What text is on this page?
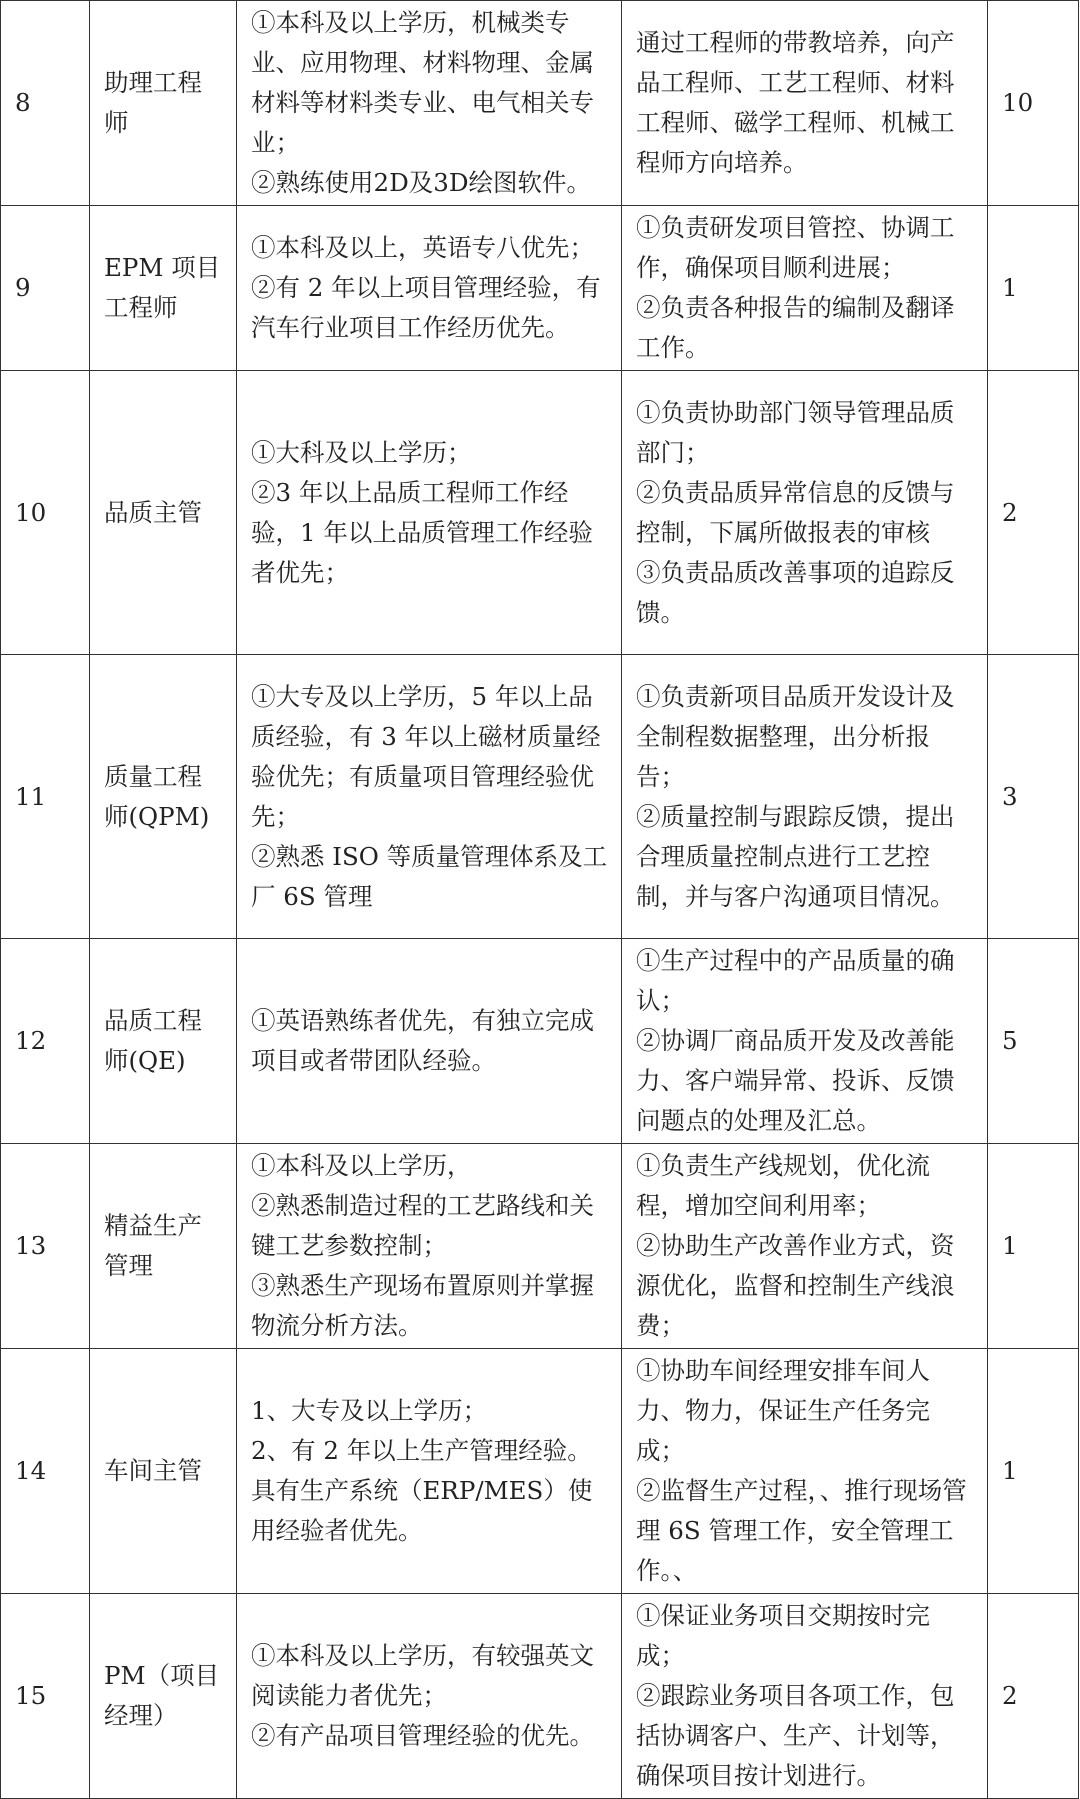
8	助理工程师	①本科及以上学历，机械类专业、应用物理、材料物理、金属材料等材料类专业、电气相关专业；
②熟练使用2D及3D绘图软件。	通过工程师的带教培养，向产品工程师、工艺工程师、材料工程师、磁学工程师、机械工程师方向培养。	10
9	EPM 项目工程师	①本科及以上，英语专八优先；
②有 2 年以上项目管理经验，有汽车行业项目工作经历优先。	①负责研发项目管控、协调工作，确保项目顺利进展；
②负责各种报告的编制及翻译工作。	1
10	品质主管	①大科及以上学历；
②3 年以上品质工程师工作经验，1 年以上品质管理工作经验者优先；	①负责协助部门领导管理品质部门；
②负责品质异常信息的反馈与控制，下属所做报表的审核
③负责品质改善事项的追踪反馈。	2
11	质量工程师(QPM)	①大专及以上学历，5 年以上品质经验，有 3 年以上磁材质量经验优先；有质量项目管理经验优先；
②熟悉 ISO 等质量管理体系及工厂 6S 管理	①负责新项目品质开发设计及全制程数据整理，出分析报告；
②质量控制与跟踪反馈，提出合理质量控制点进行工艺控制，并与客户沟通项目情况。	3
12	品质工程师(QE)	①英语熟练者优先，有独立完成项目或者带团队经验。	①生产过程中的产品质量的确认；
②协调厂商品质开发及改善能力、客户端异常、投诉、反馈问题点的处理及汇总。	5
13	精益生产管理	①本科及以上学历，
②熟悉制造过程的工艺路线和关键工艺参数控制；
③熟悉生产现场布置原则并掌握物流分析方法。	①负责生产线规划，优化流程，增加空间利用率；
②协助生产改善作业方式，资源优化，监督和控制生产线浪费；	1
14	车间主管	1、大专及以上学历；
2、有 2 年以上生产管理经验。具有生产系统（ERP/MES）使用经验者优先。	①协助车间经理安排车间人力、物力，保证生产任务完成；
②监督生产过程，、推行现场管理 6S 管理工作，安全管理工作。、	1
15	PM（项目经理）	①本科及以上学历，有较强英文阅读能力者优先；
②有产品项目管理经验的优先。	①保证业务项目交期按时完成；
②跟踪业务项目各项工作，包括协调客户、生产、计划等，确保项目按计划进行。	2
